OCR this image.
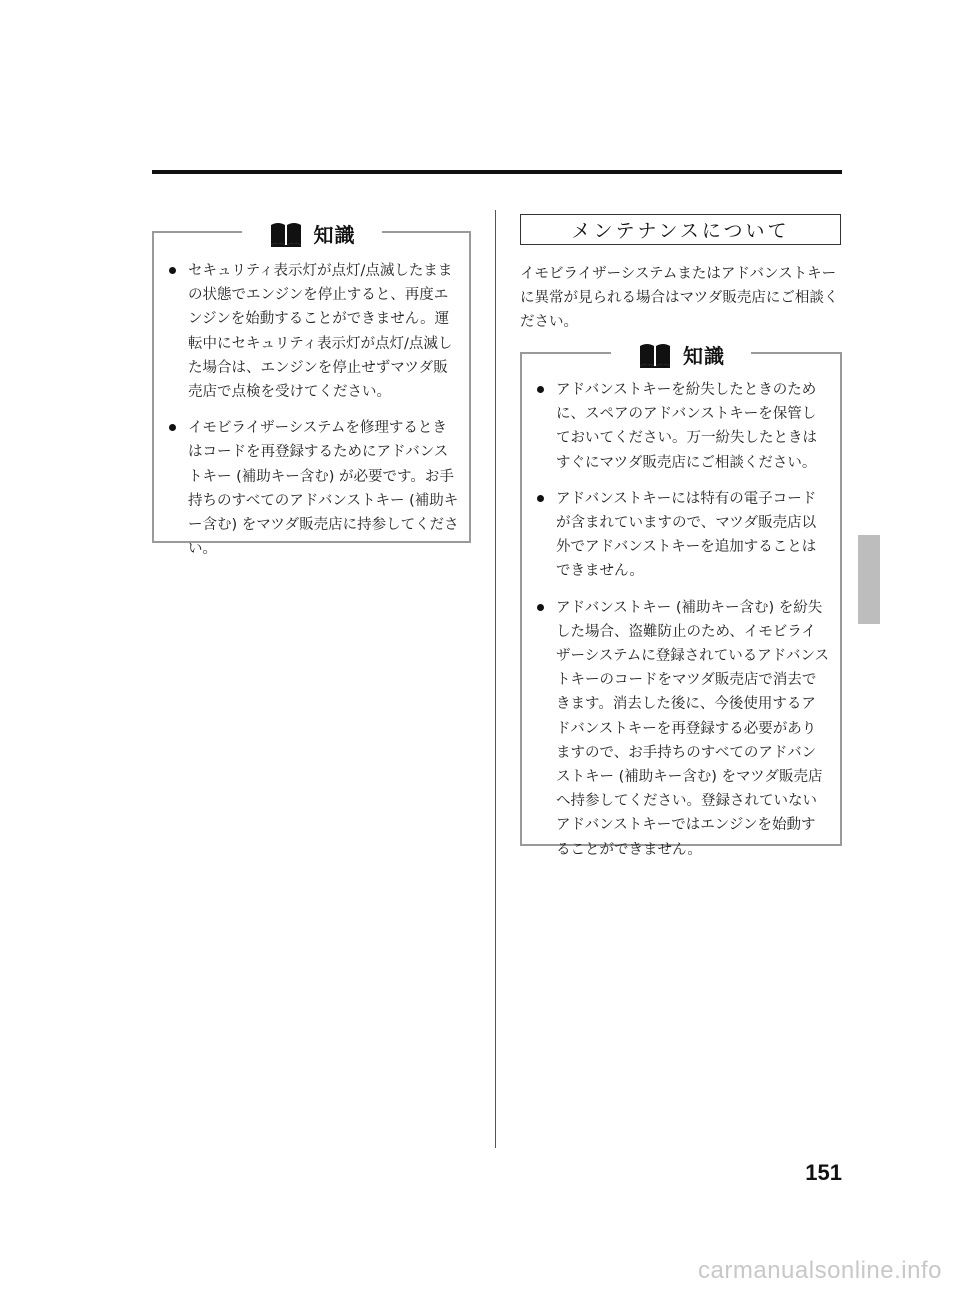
知識
セキュリティ表示灯が点灯/点滅したままの状態でエンジンを停止すると、再度エンジンを始動することができません。運転中にセキュリティ表示灯が点灯/点滅した場合は、エンジンを停止せずマツダ販売店で点検を受けてください。
イモビライザーシステムを修理するときはコードを再登録するためにアドバンストキー (補助キー含む) が必要です。お手持ちのすべてのアドバンストキー (補助キー含む) をマツダ販売店に持参してください。
メンテナンスについて
イモビライザーシステムまたはアドバンストキーに異常が見られる場合はマツダ販売店にご相談ください。
知識
アドバンストキーを紛失したときのために、スペアのアドバンストキーを保管しておいてください。万一紛失したときはすぐにマツダ販売店にご相談ください。
アドバンストキーには特有の電子コードが含まれていますので、マツダ販売店以外でアドバンストキーを追加することはできません。
アドバンストキー (補助キー含む) を紛失した場合、盗難防止のため、イモビライザーシステムに登録されているアドバンストキーのコードをマツダ販売店で消去できます。消去した後に、今後使用するアドバンストキーを再登録する必要がありますので、お手持ちのすべてのアドバンストキー (補助キー含む) をマツダ販売店へ持参してください。登録されていないアドバンストキーではエンジンを始動することができません。
151
carmanualsonline.info
